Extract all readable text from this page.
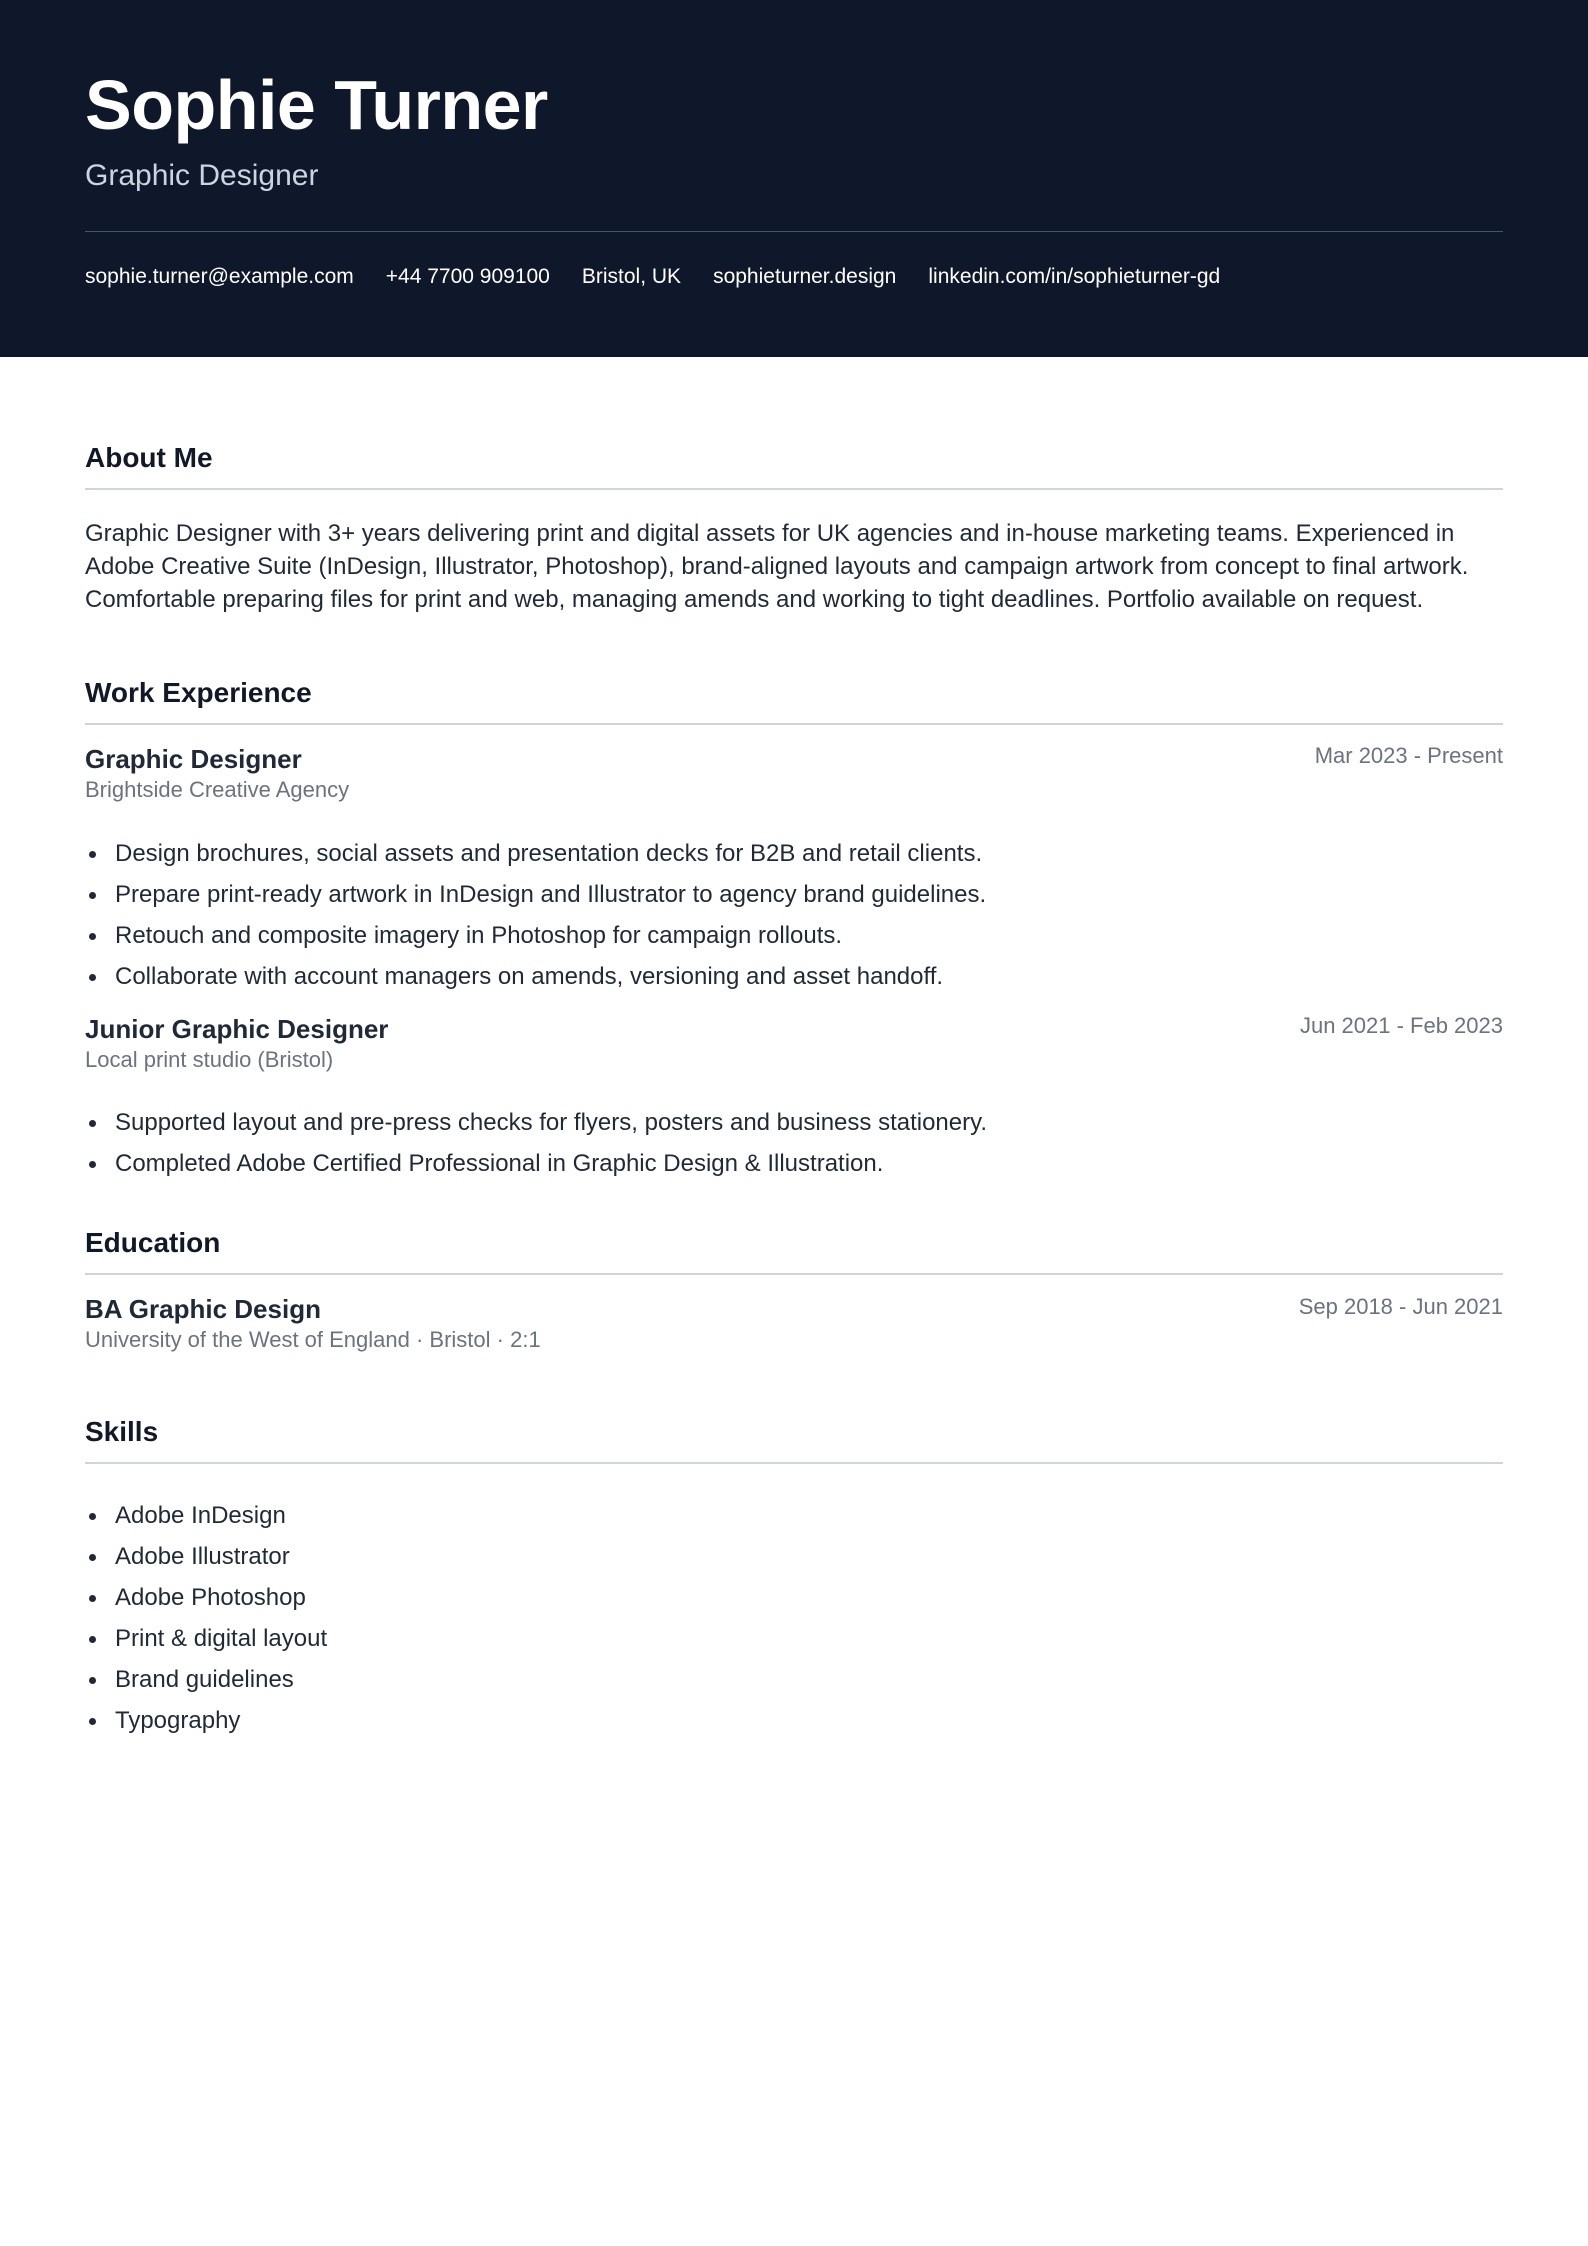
Sophie Turner
Graphic Designer
sophie.turner@example.com +44 7700 909100 Bristol, UK sophieturner.design linkedin.com/in/sophieturner-gd
About Me

Graphic Designer with 3+ years delivering print and digital assets for UK agencies and in-house marketing teams. Experienced in Adobe Creative Suite (InDesign, Illustrator, Photoshop), brand-aligned layouts and campaign artwork from concept to final artwork. Comfortable preparing files for print and web, managing amends and working to tight deadlines. Portfolio available on request.

Work Experience
Graphic Designer	Mar 2023 - Present
Brightside Creative Agency
Design brochures, social assets and presentation decks for B2B and retail clients.
Prepare print-ready artwork in InDesign and Illustrator to agency brand guidelines.
Retouch and composite imagery in Photoshop for campaign rollouts.
Collaborate with account managers on amends, versioning and asset handoff.
Junior Graphic Designer	Jun 2021 - Feb 2023
Local print studio (Bristol)
Supported layout and pre-press checks for flyers, posters and business stationery.
Completed Adobe Certified Professional in Graphic Design & Illustration.
Education
BA Graphic Design	Sep 2018 - Jun 2021
University of the West of England · Bristol · 2:1
Skills
Adobe InDesign
Adobe Illustrator
Adobe Photoshop
Print & digital layout
Brand guidelines
Typography
